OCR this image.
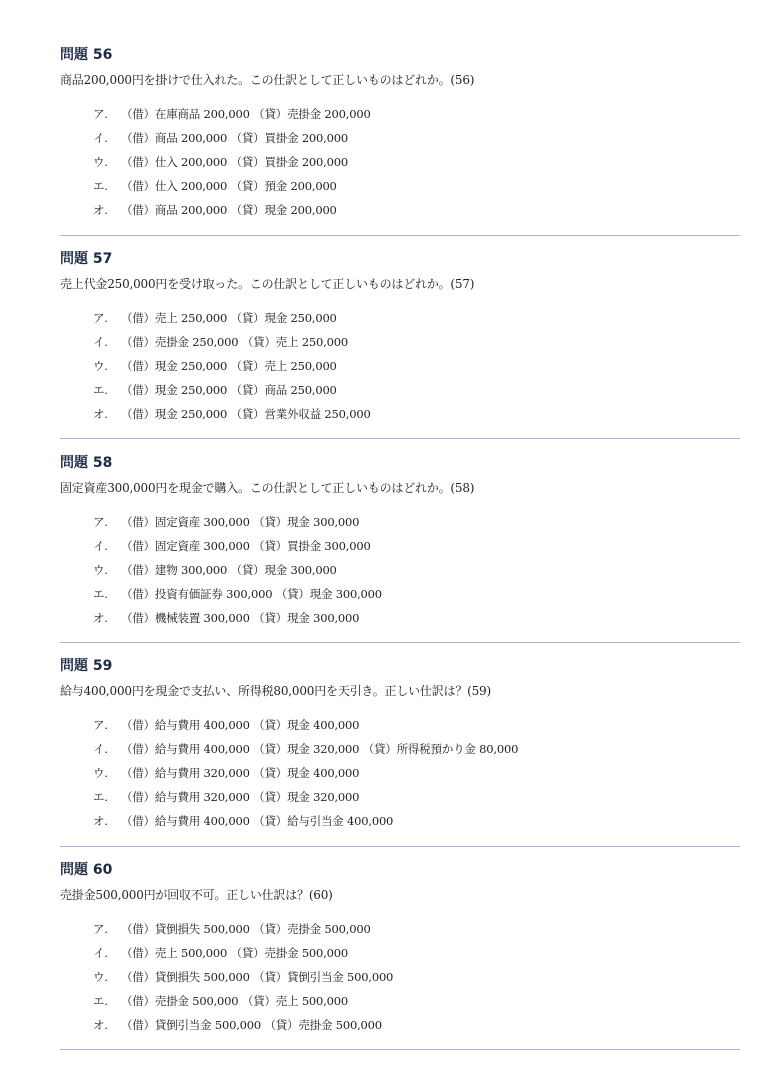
問題 56
商品200,000円を掛けで仕入れた。この仕訳として正しいものはどれか。(56)
ア. （借）在庫商品 200,000 （貸）売掛金 200,000
イ. （借）商品 200,000 （貸）買掛金 200,000
ウ. （借）仕入 200,000 （貸）買掛金 200,000
エ. （借）仕入 200,000 （貸）預金 200,000
オ. （借）商品 200,000 （貸）現金 200,000
問題 57
売上代金250,000円を受け取った。この仕訳として正しいものはどれか。(57)
ア. （借）売上 250,000 （貸）現金 250,000
イ. （借）売掛金 250,000 （貸）売上 250,000
ウ. （借）現金 250,000 （貸）売上 250,000
エ. （借）現金 250,000 （貸）商品 250,000
オ. （借）現金 250,000 （貸）営業外収益 250,000
問題 58
固定資産300,000円を現金で購入。この仕訳として正しいものはどれか。(58)
ア. （借）固定資産 300,000 （貸）現金 300,000
イ. （借）固定資産 300,000 （貸）買掛金 300,000
ウ. （借）建物 300,000 （貸）現金 300,000
エ. （借）投資有価証券 300,000 （貸）現金 300,000
オ. （借）機械装置 300,000 （貸）現金 300,000
問題 59
給与400,000円を現金で支払い、所得税80,000円を天引き。正しい仕訳は？(59)
ア. （借）給与費用 400,000 （貸）現金 400,000
イ. （借）給与費用 400,000 （貸）現金 320,000 （貸）所得税預かり金 80,000
ウ. （借）給与費用 320,000 （貸）現金 400,000
エ. （借）給与費用 320,000 （貸）現金 320,000
オ. （借）給与費用 400,000 （貸）給与引当金 400,000
問題 60
売掛金500,000円が回収不可。正しい仕訳は？(60)
ア. （借）貸倒損失 500,000 （貸）売掛金 500,000
イ. （借）売上 500,000 （貸）売掛金 500,000
ウ. （借）貸倒損失 500,000 （貸）貸倒引当金 500,000
エ. （借）売掛金 500,000 （貸）売上 500,000
オ. （借）貸倒引当金 500,000 （貸）売掛金 500,000
